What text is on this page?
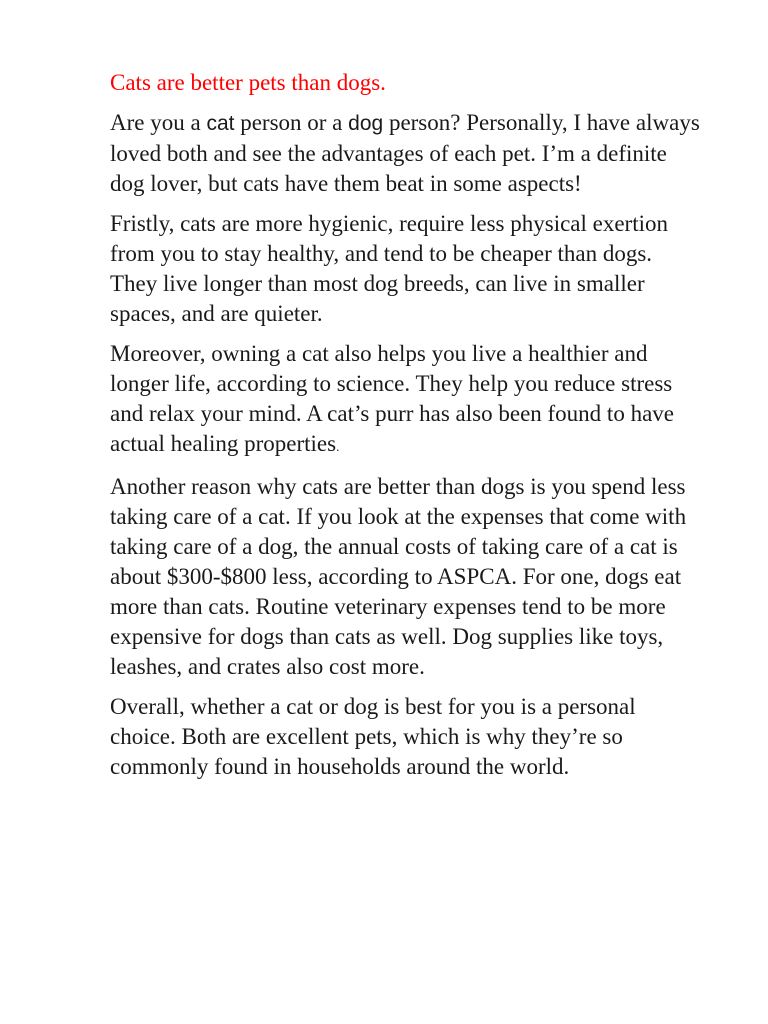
Cats are better pets than dogs.

Are you a cat person or a dog person? Personally, I have always loved both and see the advantages of each pet. I’m a definite dog lover, but cats have them beat in some aspects!

Fristly, cats are more hygienic, require less physical exertion from you to stay healthy, and tend to be cheaper than dogs. They live longer than most dog breeds, can live in smaller spaces, and are quieter.

Moreover, owning a cat also helps you live a healthier and longer life, according to science. They help you reduce stress and relax your mind. A cat’s purr has also been found to have actual healing properties.

Another reason why cats are better than dogs is you spend less taking care of a cat. If you look at the expenses that come with taking care of a dog, the annual costs of taking care of a cat is about $300-$800 less, according to ASPCA. For one, dogs eat more than cats. Routine veterinary expenses tend to be more expensive for dogs than cats as well. Dog supplies like toys, leashes, and crates also cost more.

Overall, whether a cat or dog is best for you is a personal choice. Both are excellent pets, which is why they’re so commonly found in households around the world.
